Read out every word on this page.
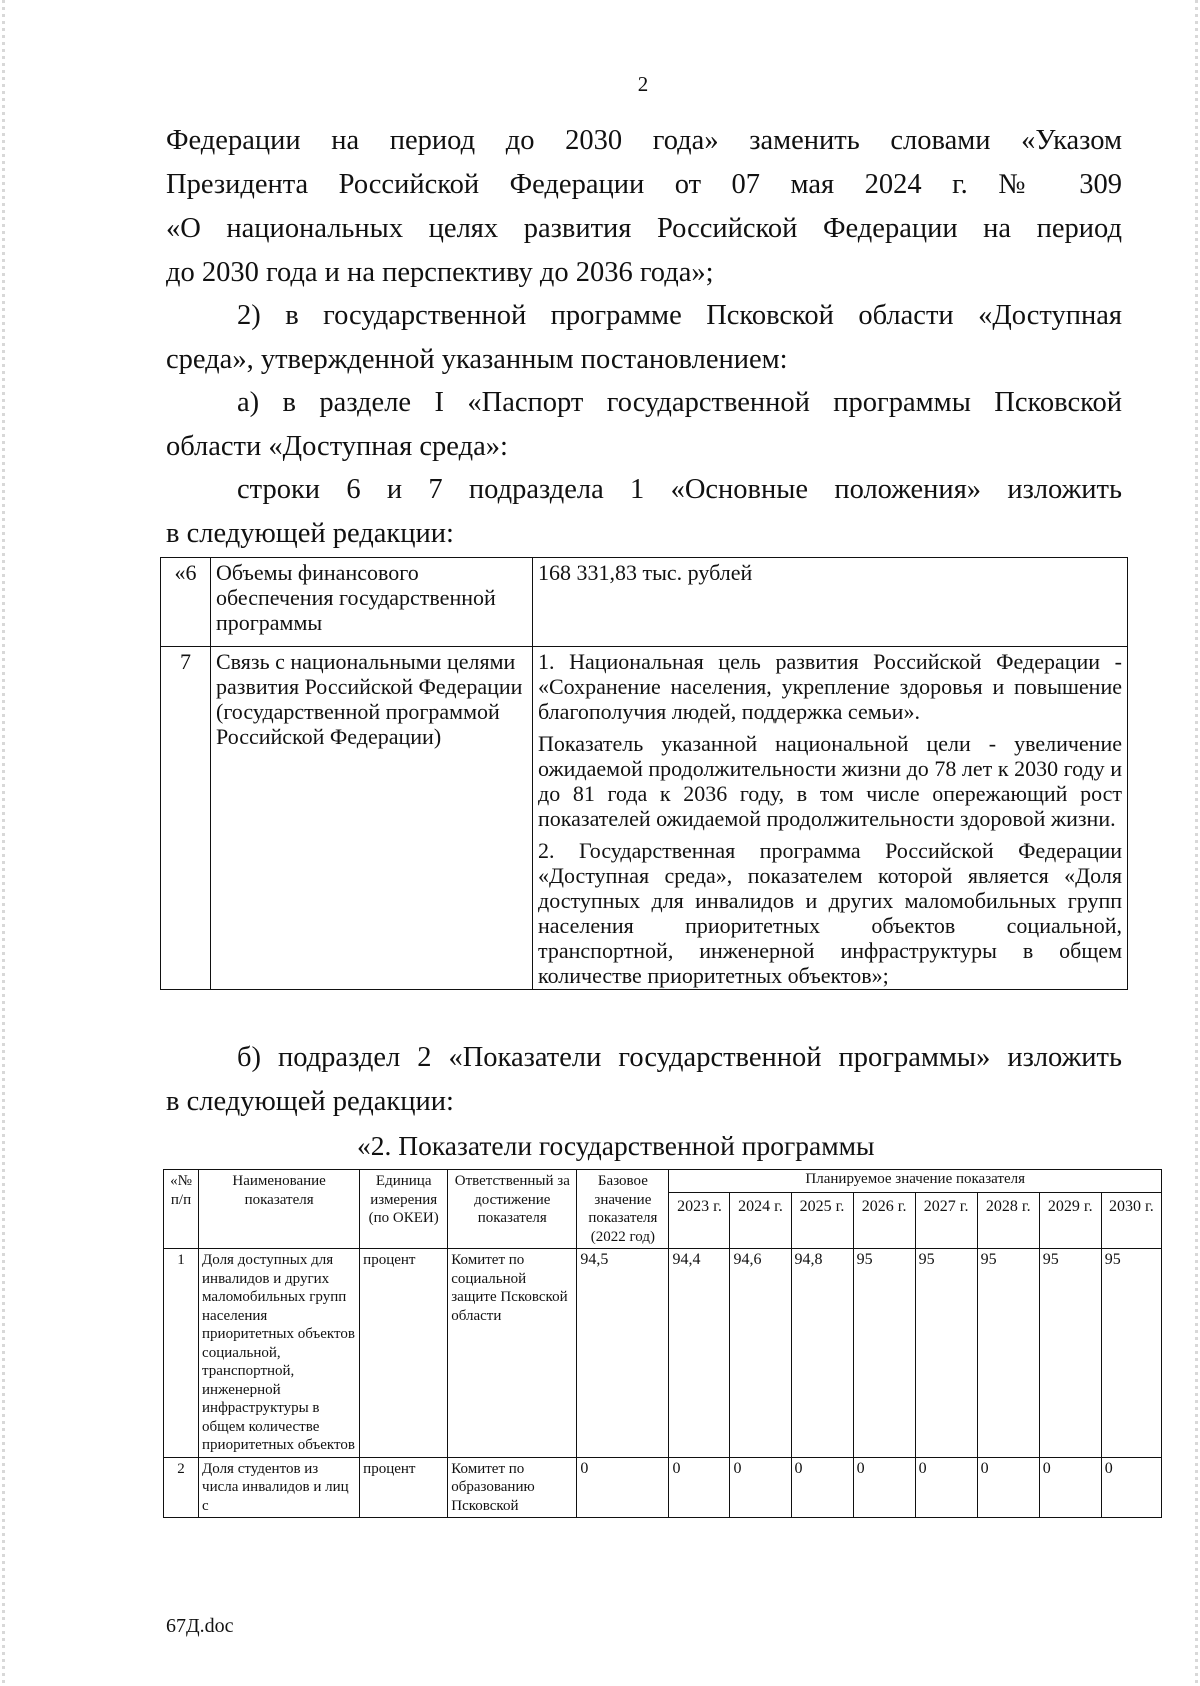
2

Федерации на период до 2030 года» заменить словами «Указом

Президента Российской Федерации от 07 мая 2024 г. № 309

«О национальных целях развития Российской Федерации на период

до 2030 года и на перспективу до 2036 года»;

2) в государственной программе Псковской области «Доступная

среда», утвержденной указанным постановлением:

а) в разделе I «Паспорт государственной программы Псковской

области «Доступная среда»:

строки 6 и 7 подраздела 1 «Основные положения» изложить

в следующей редакции:

«6	Объемы финансового обеспечения государственной программы	168 331,83 тыс. рублей

7	Связь с национальными целями развития Российской Федерации (государственной программой Российской Федерации)	1. Национальная цель развития Российской Федерации - «Сохранение населения, укрепление здоровья и повышение благополучия людей, поддержка семьи».

Показатель указанной национальной цели - увеличение ожидаемой продолжительности жизни до 78 лет к 2030 году и до 81 года к 2036 году, в том числе опережающий рост показателей ожидаемой продолжительности здоровой жизни.

2. Государственная программа Российской Федерации «Доступная среда», показателем которой является «Доля доступных для инвалидов и других маломобильных групп населения приоритетных объектов социальной, транспортной, инженерной инфраструктуры в общем количестве приоритетных объектов»;

б) подраздел 2 «Показатели государственной программы» изложить

в следующей редакции:

«2. Показатели государственной программы
«№ п/п	Наименование показателя	Единица измерения (по ОКЕИ)	Ответственный за достижение показателя	Базовое значение показателя (2022 год)	Планируемое значение показателя							
					2023 г.	2024 г.	2025 г.	2026 г.	2027 г.	2028 г.	2029 г.	2030 г.
1	Доля доступных для инвалидов и других маломобильных групп населения приоритетных объектов социальной, транспортной, инженерной инфраструктуры в общем количестве приоритетных объектов	процент	Комитет по социальной защите Псковской области	94,5	94,4	94,6	94,8	95	95	95	95	95
2	Доля студентов из числа инвалидов и лиц с	процент	Комитет по образованию Псковской	0	0	0	0	0	0	0	0	0
67Д.doc
